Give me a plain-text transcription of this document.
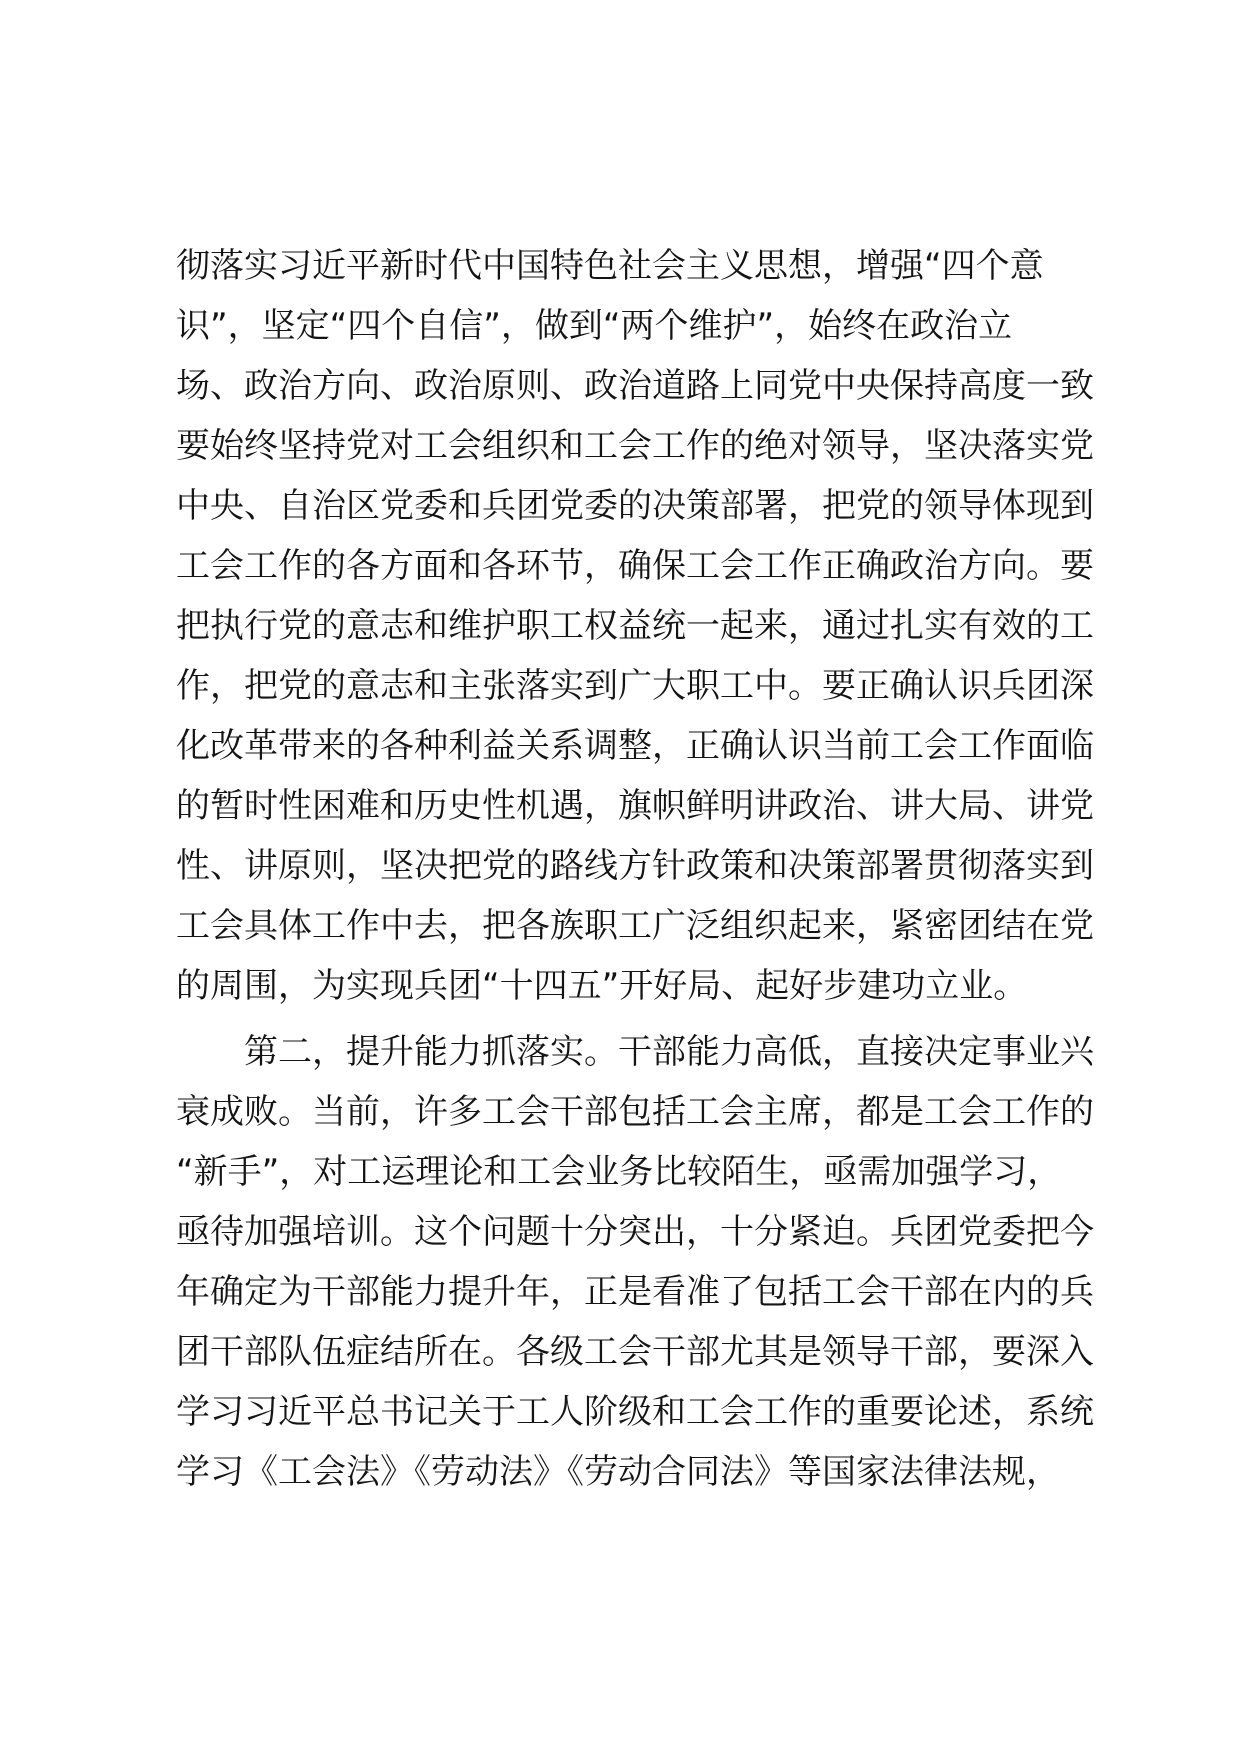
彻落实习近平新时代中国特色社会主义思想，增强“四个意

识”，坚定“四个自信”，做到“两个维护”，始终在政治立

场、政治方向、政治原则、政治道路上同党中央保持高度一致

要始终坚持党对工会组织和工会工作的绝对领导，坚决落实党

中央、自治区党委和兵团党委的决策部署，把党的领导体现到

工会工作的各方面和各环节，确保工会工作正确政治方向。要

把执行党的意志和维护职工权益统一起来，通过扎实有效的工

作，把党的意志和主张落实到广大职工中。要正确认识兵团深

化改革带来的各种利益关系调整，正确认识当前工会工作面临

的暂时性困难和历史性机遇，旗帜鲜明讲政治、讲大局、讲党

性、讲原则，坚决把党的路线方针政策和决策部署贯彻落实到

工会具体工作中去，把各族职工广泛组织起来，紧密团结在党

的周围，为实现兵团“十四五”开好局、起好步建功立业。

第二，提升能力抓落实。干部能力高低，直接决定事业兴

衰成败。当前，许多工会干部包括工会主席，都是工会工作的

“新手”，对工运理论和工会业务比较陌生，亟需加强学习，

亟待加强培训。这个问题十分突出，十分紧迫。兵团党委把今

年确定为干部能力提升年，正是看准了包括工会干部在内的兵

团干部队伍症结所在。各级工会干部尤其是领导干部，要深入

学习习近平总书记关于工人阶级和工会工作的重要论述，系统

学习《工会法》《劳动法》《劳动合同法》等国家法律法规，
